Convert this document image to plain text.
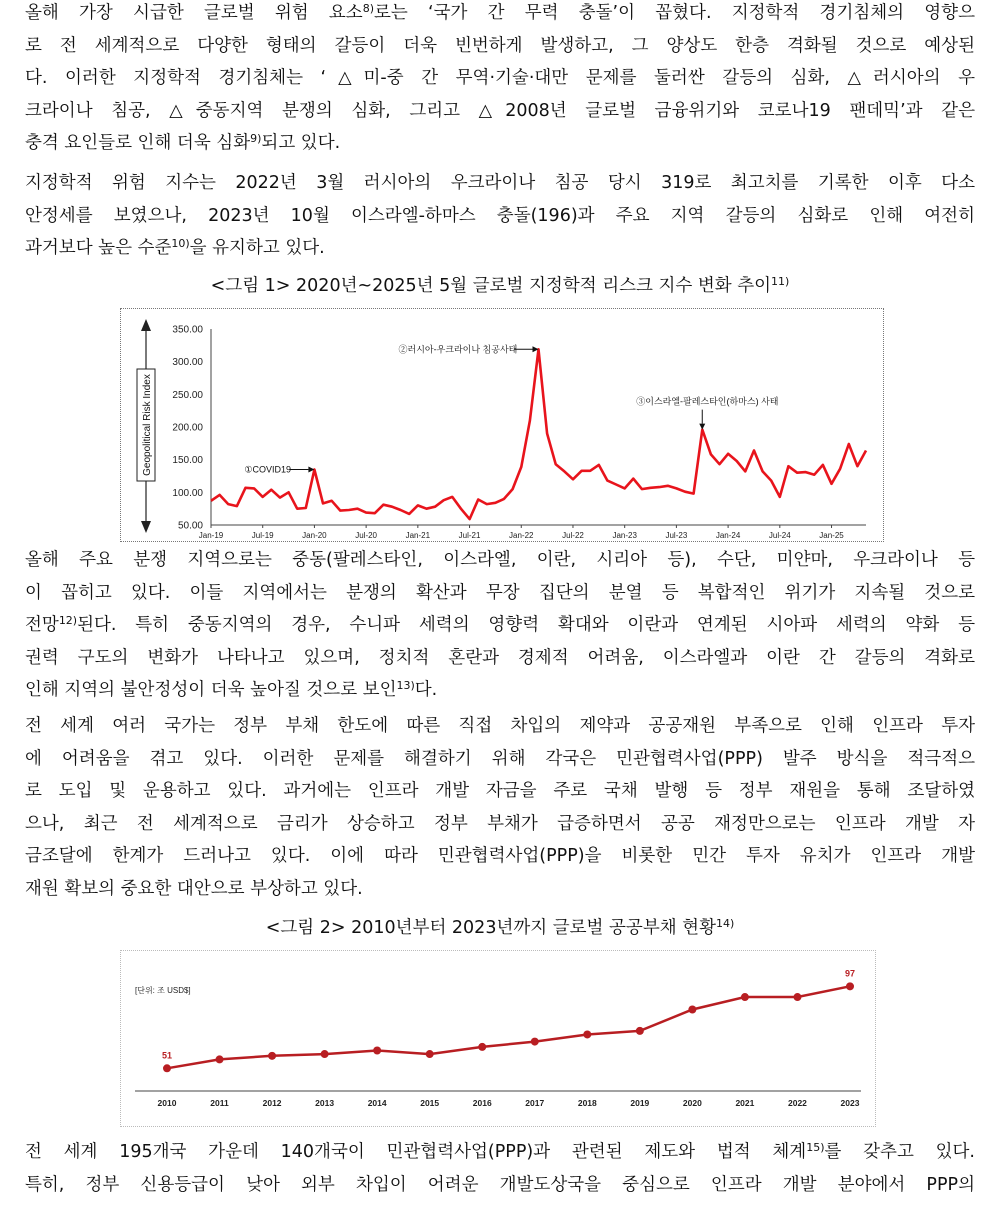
올해 가장 시급한 글로벌 위험 요소$^{8)}$로는 ‘국가 간 무력 충돌’이 꼽혔다. 지정학적 경기침체의 영향으
로 전 세계적으로 다양한 형태의 갈등이 더욱 빈번하게 발생하고, 그 양상도 한층 격화될 것으로 예상된
다. 이러한 지정학적 경기침체는 ‘△미-중 간 무역·기술·대만 문제를 둘러싼 갈등의 심화, △러시아의 우
크라이나 침공, △중동지역 분쟁의 심화, 그리고 △2008년 글로벌 금융위기와 코로나19 팬데믹’과 같은
충격 요인들로 인해 더욱 심화$^{9)}$되고 있다.
지정학적 위험 지수는 2022년 3월 러시아의 우크라이나 침공 당시 319로 최고치를 기록한 이후 다소
안정세를 보였으나, 2023년 10월 이스라엘-하마스 충돌(196)과 주요 지역 갈등의 심화로 인해 여전히
과거보다 높은 수준$^{10)}$을 유지하고 있다.
<그림 1> 2020년~2025년 5월 글로벌 지정학적 리스크 지수 변화 추이$^{11)}$
Geopolitical Risk Index
50.00
100.00
150.00
200.00
250.00
300.00
350.00
Jan-19	Jul-19	Jan-20	Jul-20	Jan-21	Jul-21	Jan-22	Jul-22	Jan-23	Jul-23	Jan-24	Jul-24	Jan-25
①COVID19
②러시아-우크라이나 침공사태
③이스라엘-팔레스타인(하마스) 사태
올해 주요 분쟁 지역으로는 중동(팔레스타인, 이스라엘, 이란, 시리아 등), 수단, 미얀마, 우크라이나 등
이 꼽히고 있다. 이들 지역에서는 분쟁의 확산과 무장 집단의 분열 등 복합적인 위기가 지속될 것으로
전망$^{12)}$된다. 특히 중동지역의 경우, 수니파 세력의 영향력 확대와 이란과 연계된 시아파 세력의 약화 등
권력 구도의 변화가 나타나고 있으며, 정치적 혼란과 경제적 어려움, 이스라엘과 이란 간 갈등의 격화로
인해 지역의 불안정성이 더욱 높아질 것으로 보인$^{13)}$다.
전 세계 여러 국가는 정부 부채 한도에 따른 직접 차입의 제약과 공공재원 부족으로 인해 인프라 투자
에 어려움을 겪고 있다. 이러한 문제를 해결하기 위해 각국은 민관협력사업(PPP) 발주 방식을 적극적으
로 도입 및 운용하고 있다. 과거에는 인프라 개발 자금을 주로 국채 발행 등 정부 재원을 통해 조달하였
으나, 최근 전 세계적으로 금리가 상승하고 정부 부채가 급증하면서 공공 재정만으로는 인프라 개발 자
금조달에 한계가 드러나고 있다. 이에 따라 민관협력사업(PPP)을 비롯한 민간 투자 유치가 인프라 개발
재원 확보의 중요한 대안으로 부상하고 있다.
<그림 2> 2010년부터 2023년까지 글로벌 공공부채 현황$^{14)}$
[단위: 조 USD$]
2010	2011	2012	2013	2014	2015	2016	2017	2018	2019	2020	2021	2022	2023
51
97
전 세계 195개국 가운데 140개국이 민관협력사업(PPP)과 관련된 제도와 법적 체계$^{15)}$를 갖추고 있다.
특히, 정부 신용등급이 낮아 외부 차입이 어려운 개발도상국을 중심으로 인프라 개발 분야에서 PPP의
